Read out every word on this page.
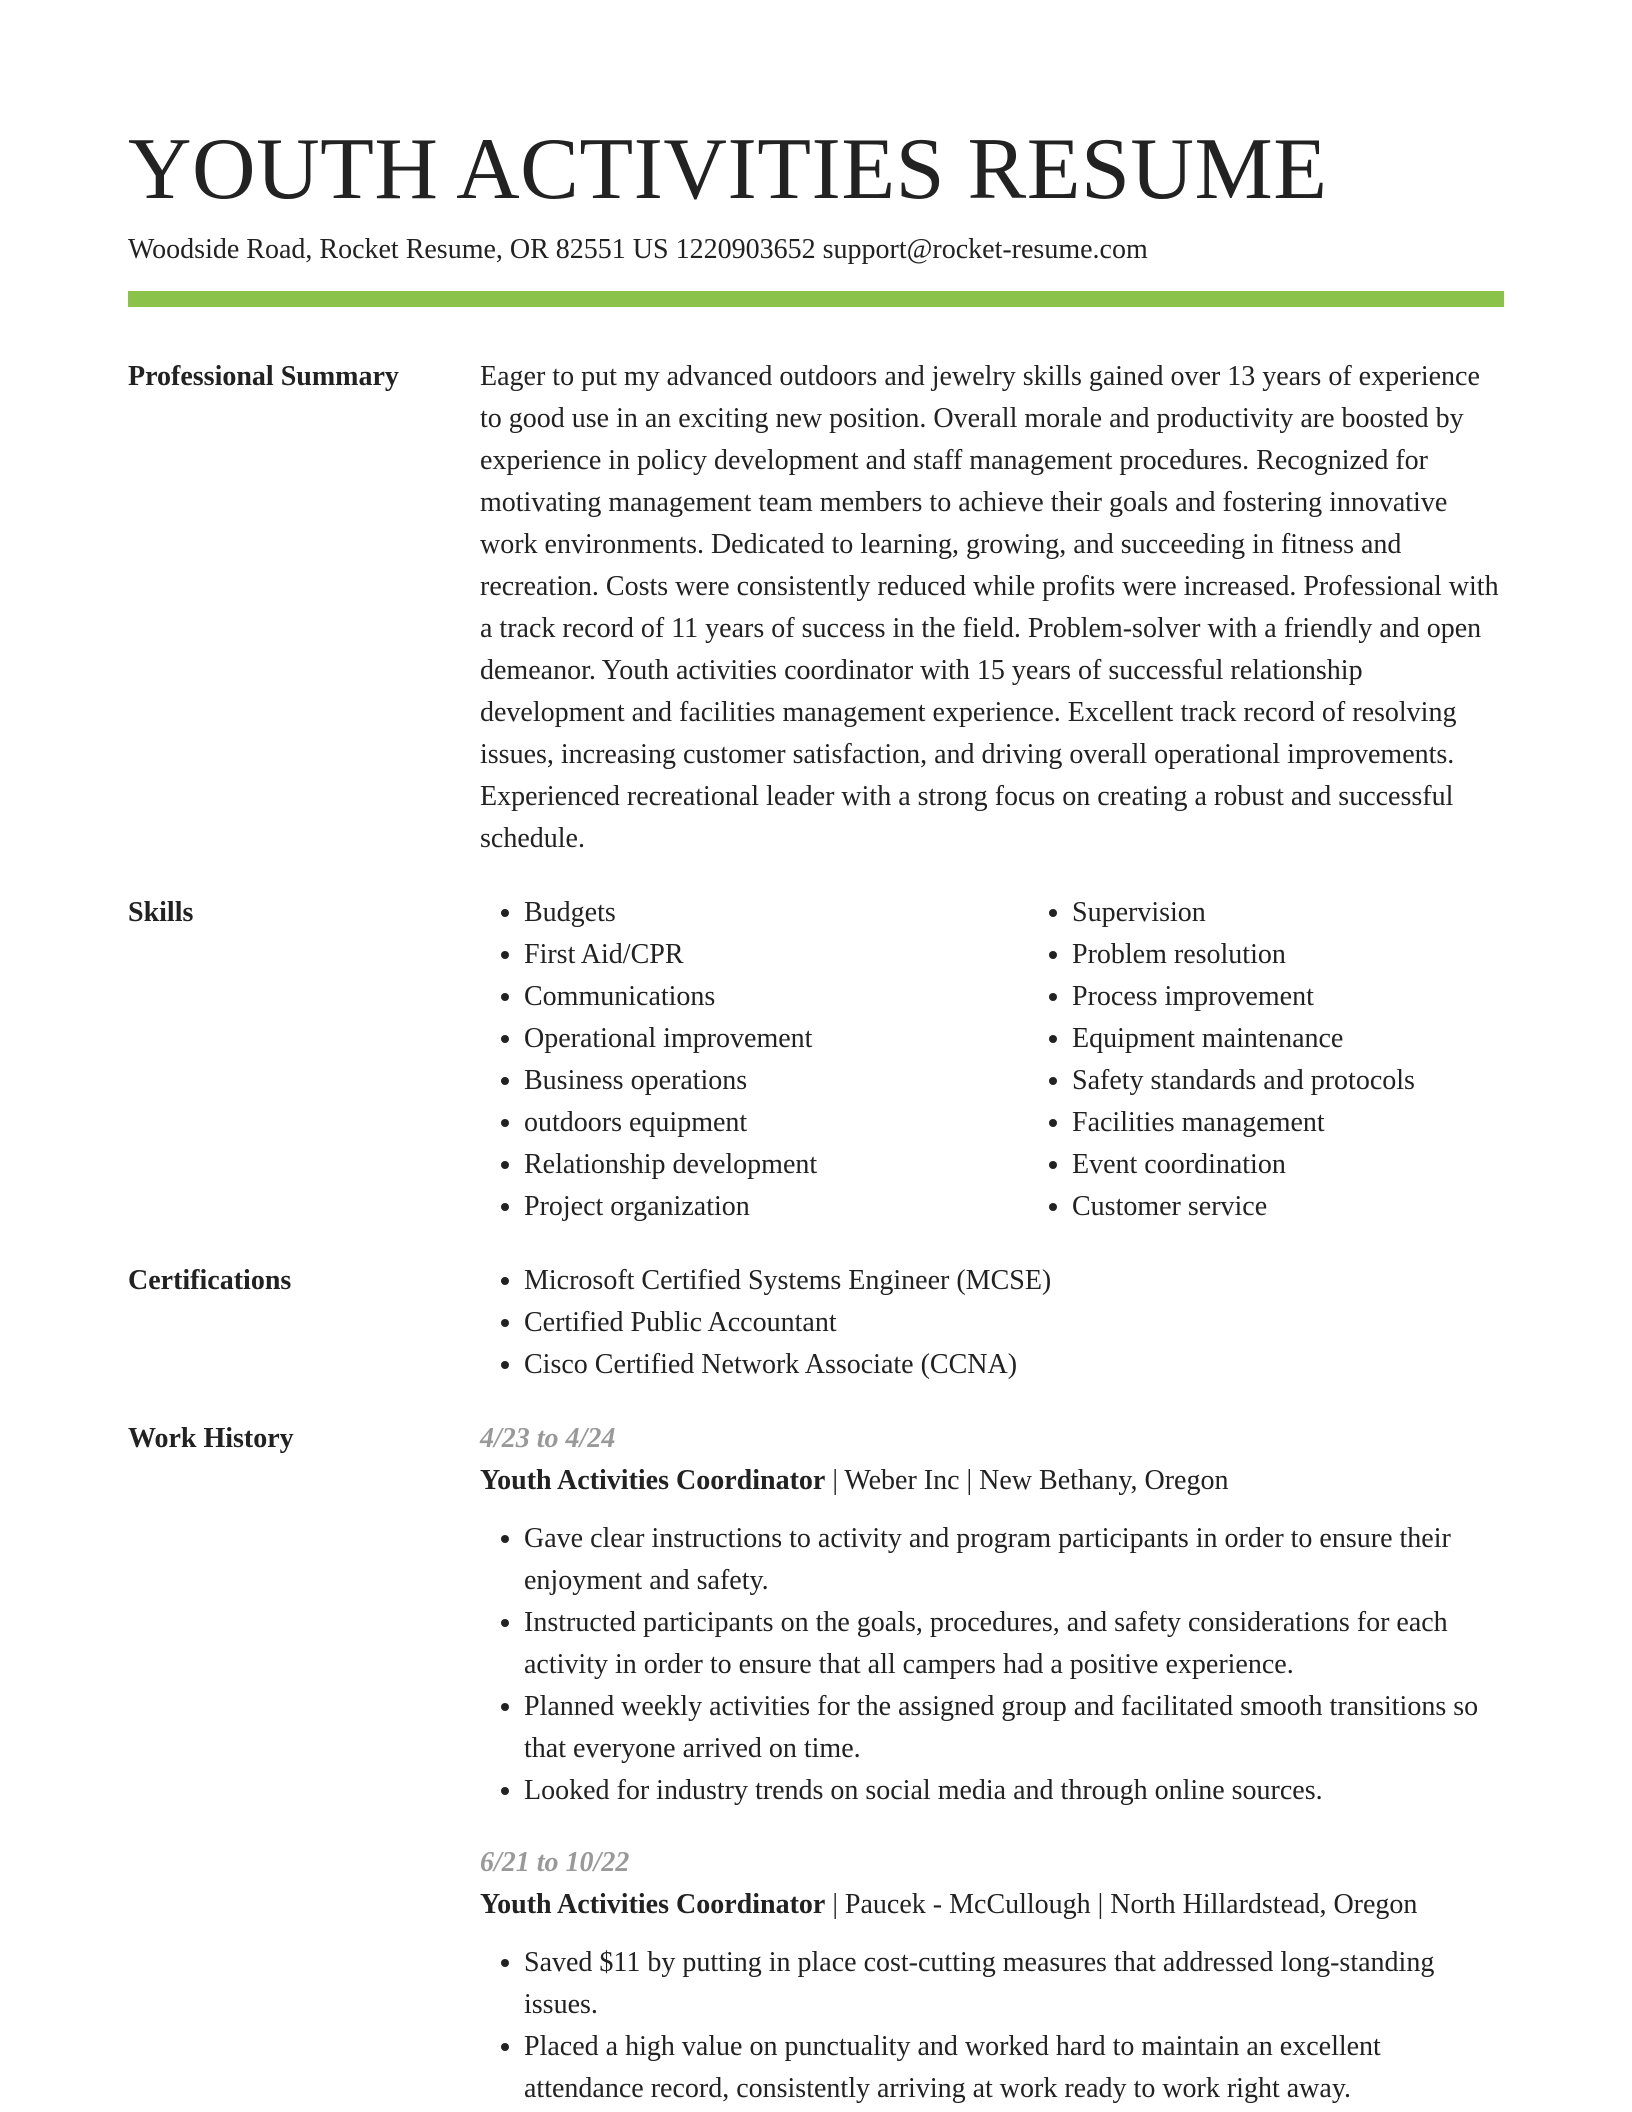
YOUTH ACTIVITIES RESUME
Woodside Road, Rocket Resume, OR 82551 US 1220903652 support@rocket-resume.com
Professional Summary	Eager to put my advanced outdoors and jewelry skills gained over 13 years of experience to good use in an exciting new position. Overall morale and productivity are boosted by experience in policy development and staff management procedures. Recognized for motivating management team members to achieve their goals and fostering innovative work environments. Dedicated to learning, growing, and succeeding in fitness and recreation. Costs were consistently reduced while profits were increased. Professional with a track record of 11 years of success in the field. Problem-solver with a friendly and open demeanor. Youth activities coordinator with 15 years of successful relationship development and facilities management experience. Excellent track record of resolving issues, increasing customer satisfaction, and driving overall operational improvements. Experienced recreational leader with a strong focus on creating a robust and successful schedule.
Skills	• Budgets
• First Aid/CPR
• Communications
• Operational improvement
• Business operations
• outdoors equipment
• Relationship development
• Project organization
• Supervision
• Problem resolution
• Process improvement
• Equipment maintenance
• Safety standards and protocols
• Facilities management
• Event coordination
• Customer service
Certifications	• Microsoft Certified Systems Engineer (MCSE)
• Certified Public Accountant
• Cisco Certified Network Associate (CCNA)
Work History	4/23 to 4/24
Youth Activities Coordinator | Weber Inc | New Bethany, Oregon
• Gave clear instructions to activity and program participants in order to ensure their enjoyment and safety.
• Instructed participants on the goals, procedures, and safety considerations for each activity in order to ensure that all campers had a positive experience.
• Planned weekly activities for the assigned group and facilitated smooth transitions so that everyone arrived on time.
• Looked for industry trends on social media and through online sources.
6/21 to 10/22
Youth Activities Coordinator | Paucek - McCullough | North Hillardstead, Oregon
• Saved $11 by putting in place cost-cutting measures that addressed long-standing issues.
• Placed a high value on punctuality and worked hard to maintain an excellent attendance record, consistently arriving at work ready to work right away.
